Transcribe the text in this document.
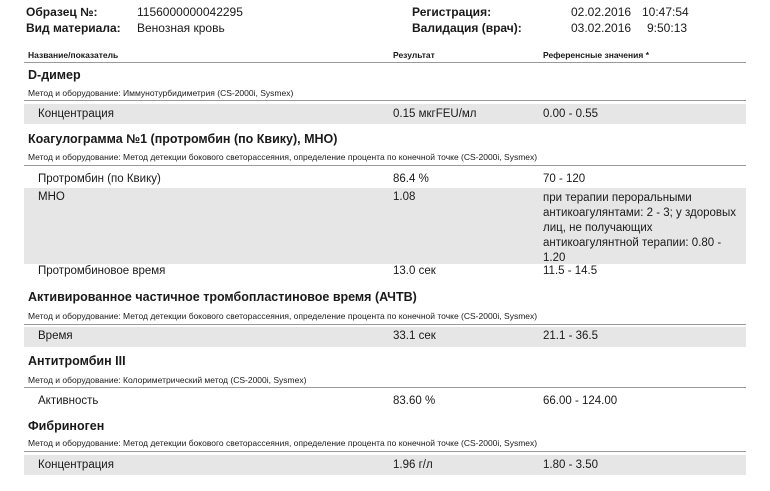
Образец №:	1156000000042295
Вид материала: Венозная кровь
Регистрация:	02.02.2016 10:47:54
Валидация (врач):	03.02.2016 9:50:13
Название/показатель	Результат	Референсные значения *
D-димер
Метод и оборудование: Иммунотурбидиметрия (CS-2000i, Sysmex)
Концентрация	0.15 мкгFEU/мл	0.00 - 0.55
Коагулограмма №1 (протромбин (по Квику), МНО)
Метод и оборудование: Метод детекции бокового светорассеяния, определение процента по конечной точке (CS-2000i, Sysmex)
Протромбин (по Квику)	86.4 %	70 - 120
МНО	1.08	при терапии пероральными антикоагулянтами: 2 - 3; у здоровых лиц, не получающих антикоагулянтной терапии: 0.80 - 1.20
Протромбиновое время	13.0 сек	11.5 - 14.5
Активированное частичное тромбопластиновое время (АЧТВ)
Метод и оборудование: Метод детекции бокового светорассеяния, определение процента по конечной точке (CS-2000i, Sysmex)
Время	33.1 сек	21.1 - 36.5
Антитромбин III
Метод и оборудование: Колориметрический метод (CS-2000i, Sysmex)
Активность	83.60 %	66.00 - 124.00
Фибриноген
Метод и оборудование: Метод детекции бокового светорассеяния, определение процента по конечной точке (CS-2000i, Sysmex)
Концентрация	1.96 г/л	1.80 - 3.50
